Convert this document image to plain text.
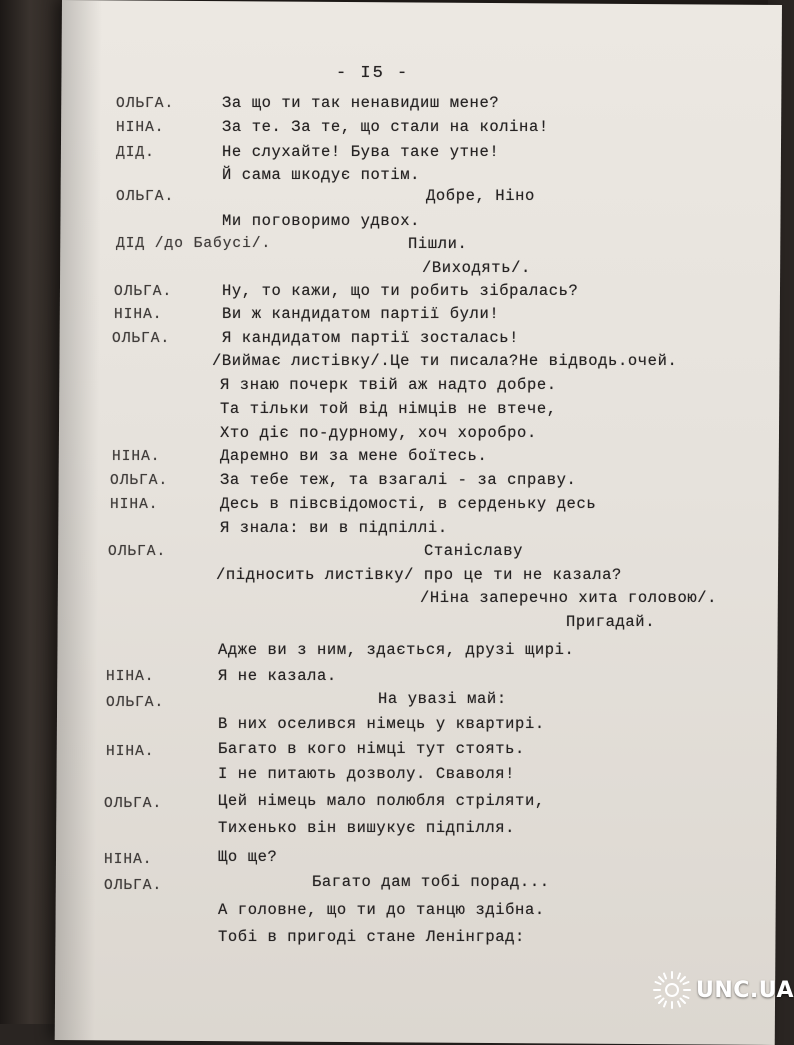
- I5 -
ОЛЬГА.	За що ти так ненавидиш мене?
НІНА.	За те. За те, що стали на коліна!
ДІД.	Не слухайте! Бува таке утне!
Й сама шкодує потім.
ОЛЬГА.	Добре, Ніно
Ми поговоримо удвох.
ДІД /до Бабусі/.	Пішли.
/Виходять/.
ОЛЬГА.	Ну, то кажи, що ти робить зібралась?
НІНА.	Ви ж кандидатом партії були!
ОЛЬГА.	Я кандидатом партії зосталась!
/Виймає листівку/.Це ти писала?Не відводь.очей.
Я знаю почерк твій аж надто добре.
Та тільки той від німців не втече,
Хто діє по-дурному, хоч хоробро.
НІНА.	Даремно ви за мене боїтесь.
ОЛЬГА.	За тебе теж, та взагалі - за справу.
НІНА.	Десь в півсвідомості, в серденьку десь
Я знала: ви в підпіллі.
ОЛЬГА.	Станіславу
/підносить листівку/ про це ти не казала?
/Ніна заперечно хита головою/.
Пригадай.
Адже ви з ним, здається, друзі щирі.
НІНА.	Я не казала.
ОЛЬГА.	На увазі май:
В них оселився німець у квартирі.
НІНА.	Багато в кого німці тут стоять.
І не питають дозволу. Сваволя!
ОЛЬГА.	Цей німець мало полюбля стріляти,
Тихенько він вишукує підпілля.
НІНА.	Що ще?
ОЛЬГА.	Багато дам тобі порад...
А головне, що ти до танцю здібна.
Тобі в пригоді стане Ленінград:
UNC.UA
